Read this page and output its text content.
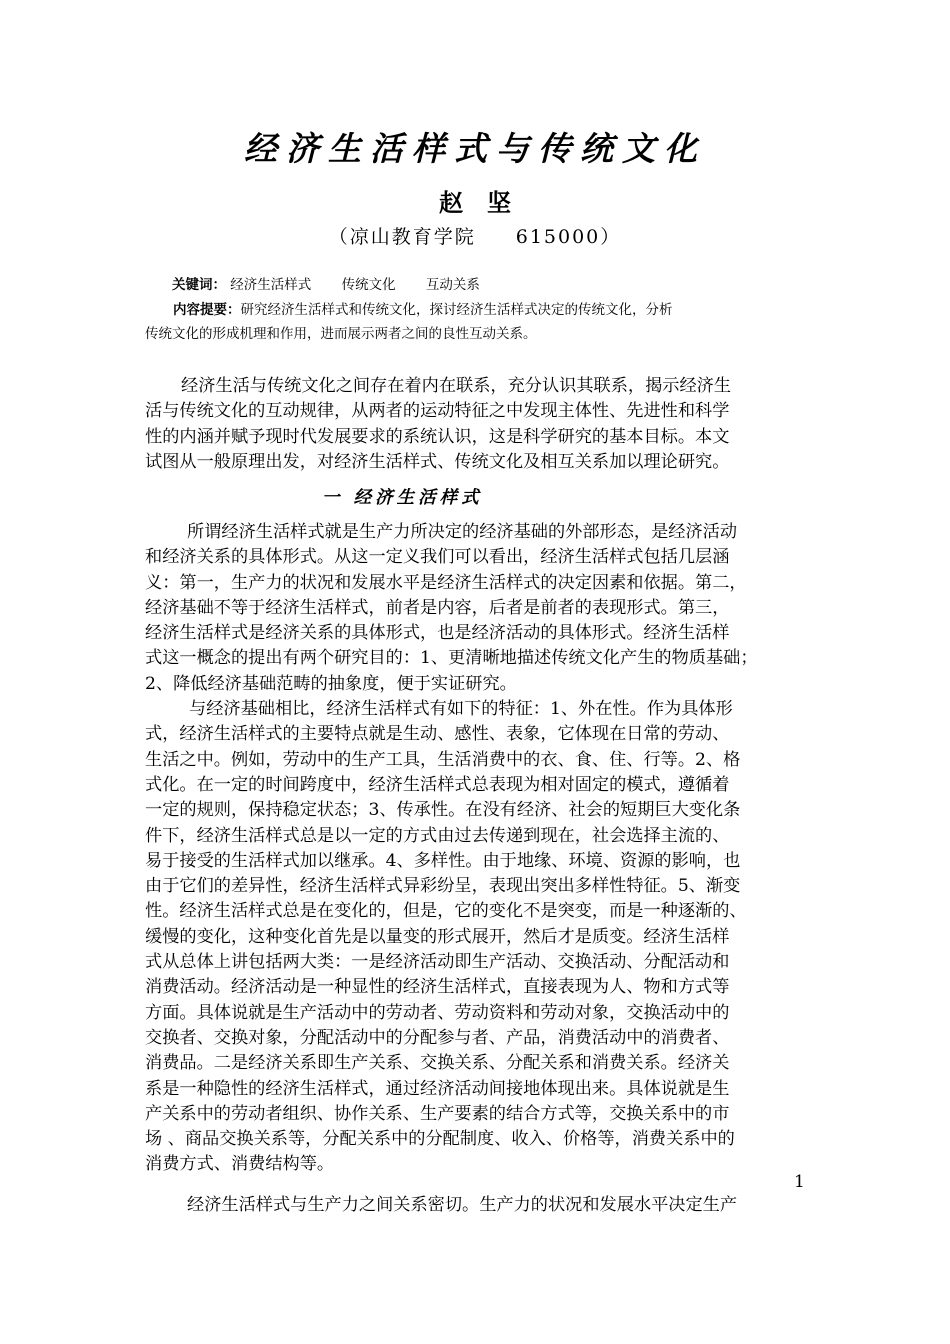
经济生活样式与传统文化
赵 坚
（凉山教育学院 615000）
关键词： 经济生活样式 传统文化 互动关系
内容提要：研究经济生活样式和传统文化，探讨经济生活样式决定的传统文化，分析
传统文化的形成机理和作用，进而展示两者之间的良性互动关系。
经济生活与传统文化之间存在着内在联系，充分认识其联系，揭示经济生
活与传统文化的互动规律，从两者的运动特征之中发现主体性、先进性和科学
性的内涵并赋予现时代发展要求的系统认识，这是科学研究的基本目标。本文
试图从一般原理出发，对经济生活样式、传统文化及相互关系加以理论研究。
一 经济生活样式
所谓经济生活样式就是生产力所决定的经济基础的外部形态，是经济活动
和经济关系的具体形式。从这一定义我们可以看出，经济生活样式包括几层涵
义：第一，生产力的状况和发展水平是经济生活样式的决定因素和依据。第二，
经济基础不等于经济生活样式，前者是内容，后者是前者的表现形式。第三，
经济生活样式是经济关系的具体形式，也是经济活动的具体形式。经济生活样
式这一概念的提出有两个研究目的：1、更清晰地描述传统文化产生的物质基础；
2、降低经济基础范畴的抽象度，便于实证研究。
与经济基础相比，经济生活样式有如下的特征：1、外在性。作为具体形
式，经济生活样式的主要特点就是生动、感性、表象，它体现在日常的劳动、
生活之中。例如，劳动中的生产工具，生活消费中的衣、食、住、行等。2、格
式化。在一定的时间跨度中，经济生活样式总表现为相对固定的模式，遵循着
一定的规则，保持稳定状态；3、传承性。在没有经济、社会的短期巨大变化条
件下，经济生活样式总是以一定的方式由过去传递到现在，社会选择主流的、
易于接受的生活样式加以继承。4、多样性。由于地缘、环境、资源的影响，也
由于它们的差异性，经济生活样式异彩纷呈，表现出突出多样性特征。5、渐变
性。经济生活样式总是在变化的，但是，它的变化不是突变，而是一种逐渐的、
缓慢的变化，这种变化首先是以量变的形式展开，然后才是质变。经济生活样
式从总体上讲包括两大类：一是经济活动即生产活动、交换活动、分配活动和
消费活动。经济活动是一种显性的经济生活样式，直接表现为人、物和方式等
方面。具体说就是生产活动中的劳动者、劳动资料和劳动对象，交换活动中的
交换者、交换对象，分配活动中的分配参与者、产品，消费活动中的消费者、
消费品。二是经济关系即生产关系、交换关系、分配关系和消费关系。经济关
系是一种隐性的经济生活样式，通过经济活动间接地体现出来。具体说就是生
产关系中的劳动者组织、协作关系、生产要素的结合方式等，交换关系中的市
场 、商品交换关系等，分配关系中的分配制度、收入、价格等，消费关系中的
消费方式、消费结构等。
1
经济生活样式与生产力之间关系密切。生产力的状况和发展水平决定生产
